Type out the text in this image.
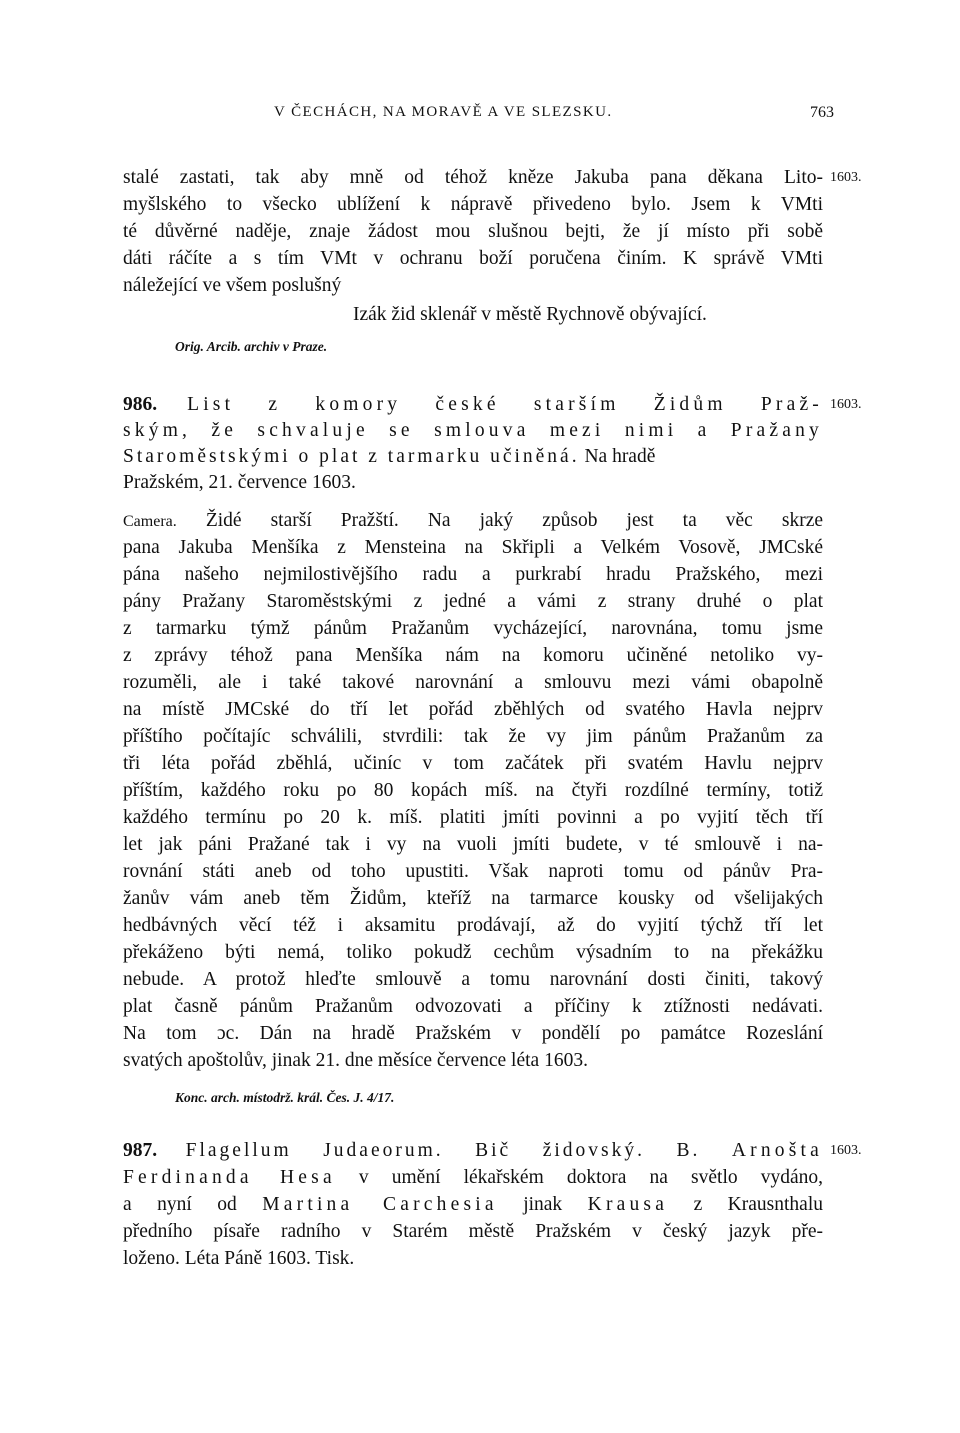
V ČECHÁCH, NA MORAVĚ A VE SLEZSKU.	763
stalé zastati, tak aby mně od téhož kněze Jakuba pana děkana Lito- 1603.
myšlského to všecko ublížení k nápravě přivedeno bylo. Jsem k VMti
té důvěrné naděje, znaje žádost mou slušnou bejti, že jí místo při sobě
dáti ráčíte a s tím VMt v ochranu boží poručena činím. K správě VMti
náležející ve všem poslušný
Izák žid sklenář v městě Rychnově obývající.
Orig. Arcib. archiv v Praze.
986. List z komory české starším Židům Praž- 1603.
ským, že schvaluje se smlouva mezi nimi a Pražany
Staroměstskými o plat z tarmarku učiněná. Na hradě
Pražském, 21. července 1603.
Camera. Židé starší Pražští. Na jaký způsob jest ta věc skrze
pana Jakuba Menšíka z Mensteina na Skřipli a Velkém Vosově, JMCské
pána našeho nejmilostivějšího radu a purkrabí hradu Pražského, mezi
pány Pražany Staroměstskými z jedné a vámi z strany druhé o plat
z tarmarku týmž pánům Pražanům vycházející, narovnána, tomu jsme
z zprávy téhož pana Menšíka nám na komoru učiněné netoliko vy-
rozuměli, ale i také takové narovnání a smlouvu mezi vámi obapolně
na místě JMCské do tří let pořád zběhlých od svatého Havla nejprv
příštího počítajíc schválili, stvrdili: tak že vy jim pánům Pražanům za
tři léta pořád zběhlá, učiníc v tom začátek při svatém Havlu nejprv
příštím, každého roku po 80 kopách míš. na čtyři rozdílné termíny, totiž
každého termínu po 20 k. míš. platiti jmíti povinni a po vyjití těch tří
let jak páni Pražané tak i vy na vuoli jmíti budete, v té smlouvě i na-
rovnání státi aneb od toho upustiti. Však naproti tomu od pánův Pra-
žanův vám aneb těm Židům, kteříž na tarmarce kousky od všelijakých
hedbávných věcí též i aksamitu prodávají, až do vyjití týchž tří let
překáženo býti nemá, toliko pokudž cechům výsadním to na překážku
nebude. A protož hleďte smlouvě a tomu narovnání dosti činiti, takový
plat časně pánům Pražanům odvozovati a příčiny k ztížnosti nedávati.
Na tom ɔc. Dán na hradě Pražském v pondělí po památce Rozeslání
svatých apoštolův, jinak 21. dne měsíce července léta 1603.
Konc. arch. místodrž. král. Čes. J. 4/17.
987. Flagellum Judaeorum. Bič židovský. B. Arnošta 1603.
Ferdinanda Hesa v umění lékařském doktora na světlo vydáno,
a nyní od Martina Carchesia jinak Krausa z Krausnthalu
předního písaře radního v Starém městě Pražském v český jazyk pře-
loženo. Léta Páně 1603. Tisk.
